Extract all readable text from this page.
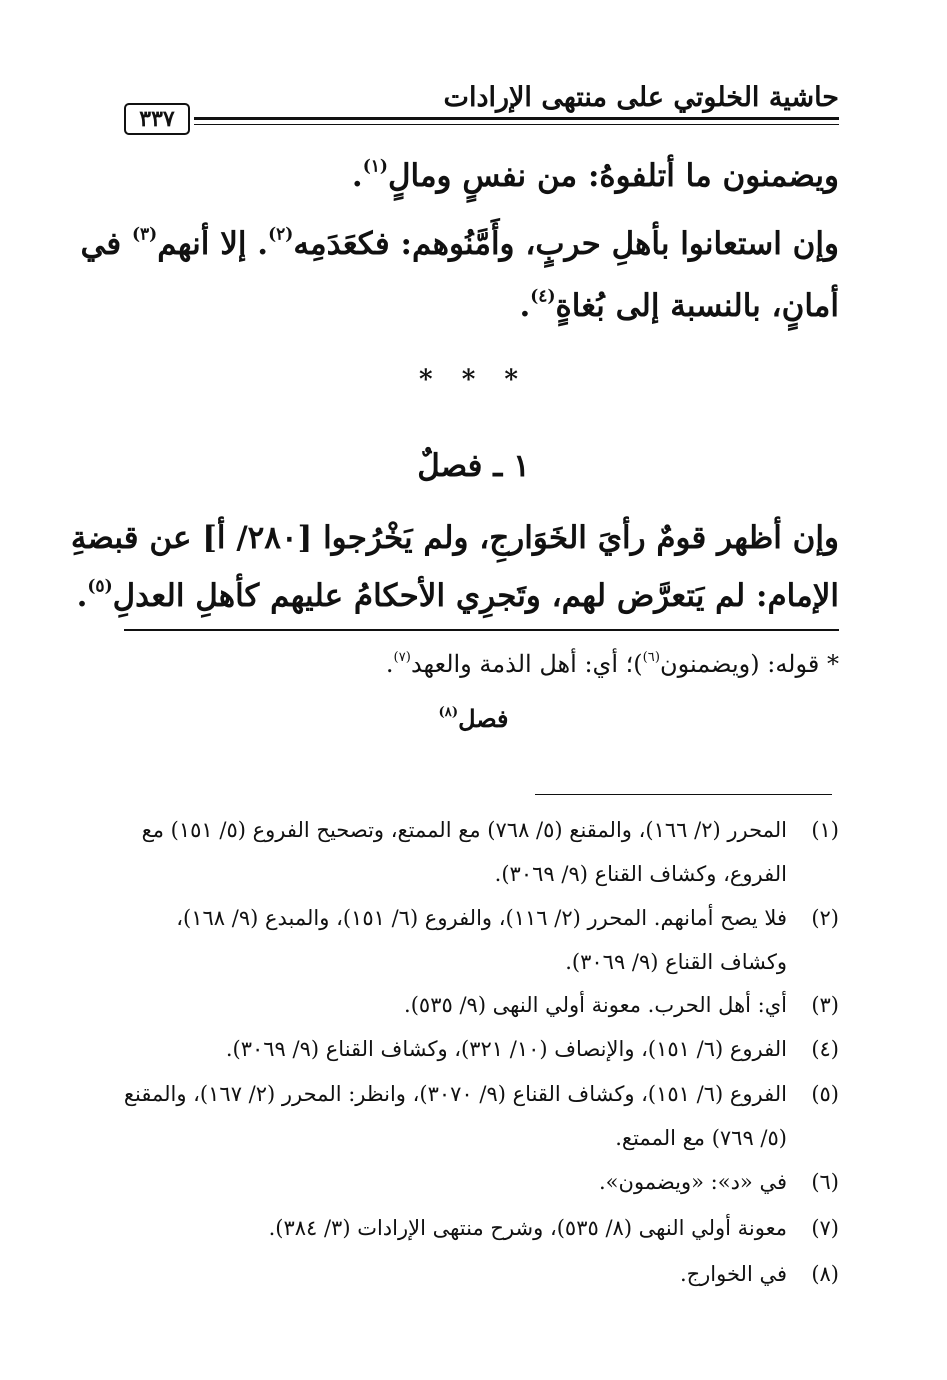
حاشية الخلوتي على منتهى الإرادات
٣٣٧
ويضمنون ما أتلفوهُ: من نفسٍ ومالٍ$^{(١)}$.
وإن استعانوا بأهلِ حربٍ، وأَمَّنُوهم: فكعَدَمِه$^{(٢)}$. إلا أنهم$^{(٣)}$ في
أمانٍ، بالنسبة إلى بُغاةٍ$^{(٤)}$.
* * *
١ ـ فصلٌ
وإن أظهر قومٌ رأيَ الخَوَارجِ، ولم يَخْرُجوا [٢٨٠/ أ] عن قبضةِ
الإمام: لم يَتعرَّض لهم، وتَجرِي الأحكامُ عليهم كأهلِ العدلِ$^{(٥)}$.
* قوله: (ويضمنون$^{(٦)}$)؛ أي: أهل الذمة والعهد$^{(٧)}$.
فصل$^{(٨)}$
(١)
المحرر (٢/ ١٦٦)، والمقنع (٥/ ٧٦٨) مع الممتع، وتصحيح الفروع (٥/ ١٥١) مع الفروع، وكشاف القناع (٩/ ٣٠٦٩).
(٢)
فلا يصح أمانهم. المحرر (٢/ ١١٦)، والفروع (٦/ ١٥١)، والمبدع (٩/ ١٦٨)، وكشاف القناع (٩/ ٣٠٦٩).
(٣)
أي: أهل الحرب. معونة أولي النهى (٩/ ٥٣٥).
(٤)
الفروع (٦/ ١٥١)، والإنصاف (١٠/ ٣٢١)، وكشاف القناع (٩/ ٣٠٦٩).
(٥)
الفروع (٦/ ١٥١)، وكشاف القناع (٩/ ٣٠٧٠)، وانظر: المحرر (٢/ ١٦٧)، والمقنع (٥/ ٧٦٩) مع الممتع.
(٦)
في «د»: «ويضمون».
(٧)
معونة أولي النهى (٨/ ٥٣٥)، وشرح منتهى الإرادات (٣/ ٣٨٤).
(٨)
في الخوارج.
